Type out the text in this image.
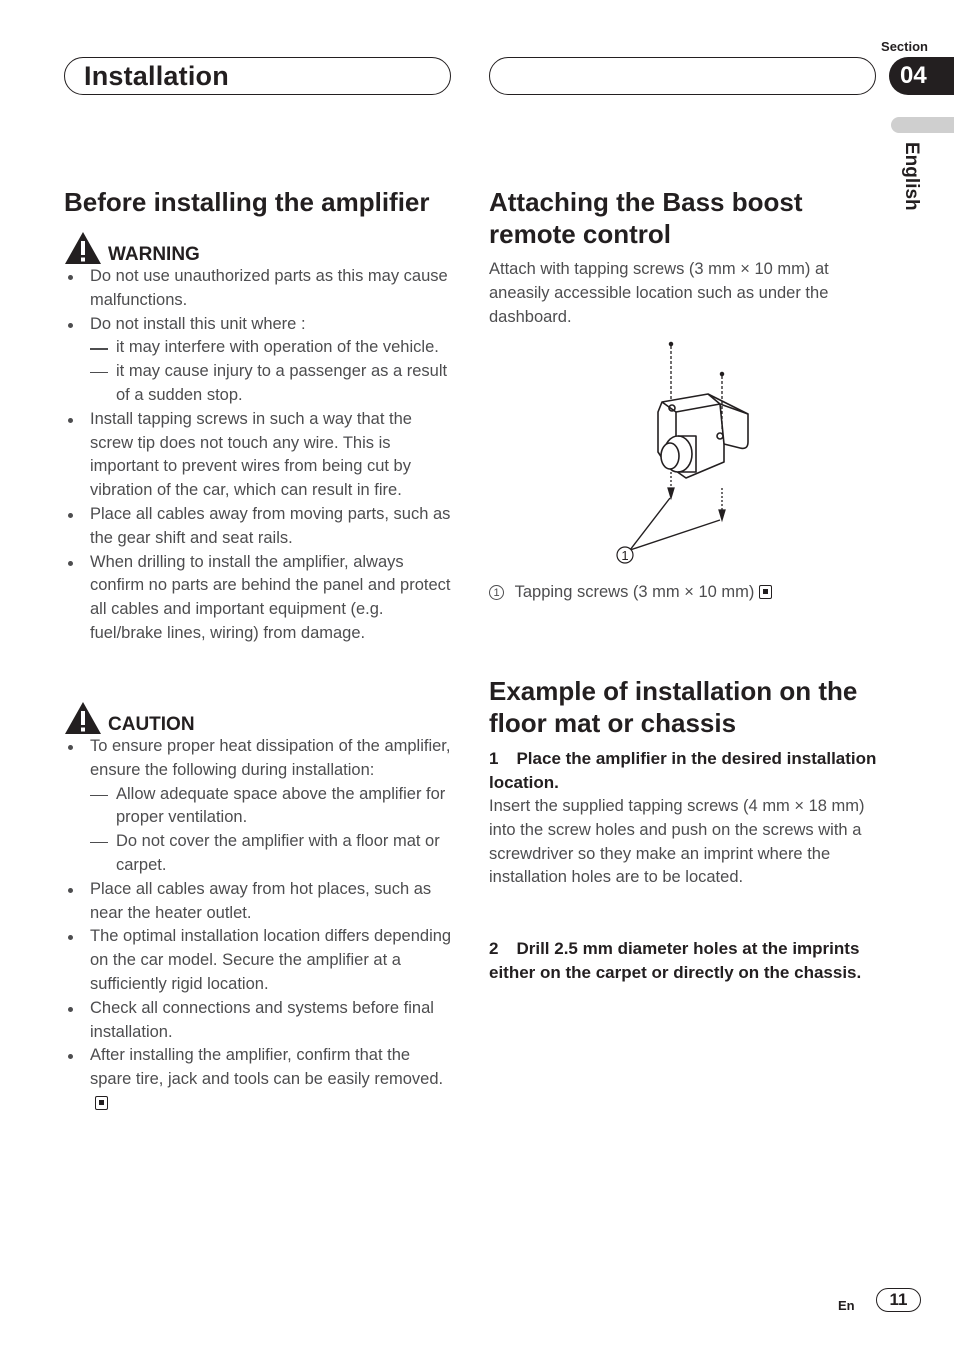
Installation
Section
04
English
Before installing the amplifier
WARNING
Do not use unauthorized parts as this may cause malfunctions.
Do not install this unit where :
it may interfere with operation of the vehicle.
it may cause injury to a passenger as a result of a sudden stop.
Install tapping screws in such a way that the screw tip does not touch any wire. This is important to prevent wires from being cut by vibration of the car, which can result in fire.
Place all cables away from moving parts, such as the gear shift and seat rails.
When drilling to install the amplifier, always confirm no parts are behind the panel and protect all cables and important equipment (e.g. fuel/brake lines, wiring) from damage.
CAUTION
To ensure proper heat dissipation of the amplifier, ensure the following during installation:
Allow adequate space above the amplifier for proper ventilation.
Do not cover the amplifier with a floor mat or carpet.
Place all cables away from hot places, such as near the heater outlet.
The optimal installation location differs depending on the car model. Secure the amplifier at a sufficiently rigid location.
Check all connections and systems before final installation.
After installing the amplifier, confirm that the spare tire, jack and tools can be easily removed.
Attaching the Bass boost remote control
Attach with tapping screws (3 mm × 10 mm) at aneasily accessible location such as under the dashboard.
1
1 Tapping screws (3 mm × 10 mm)
Example of installation on the floor mat or chassis
1 Place the amplifier in the desired installation location.
Insert the supplied tapping screws (4 mm × 18 mm) into the screw holes and push on the screws with a screwdriver so they make an imprint where the installation holes are to be located.
2 Drill 2.5 mm diameter holes at the imprints either on the carpet or directly on the chassis.
En	11
